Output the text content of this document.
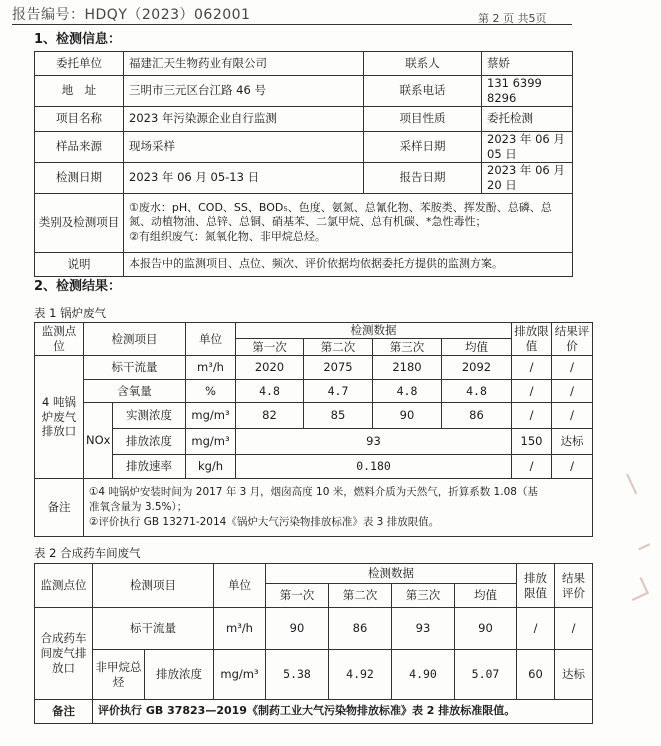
报告编号：HDQY（2023）062001	第 2 页 共5页
1、检测信息：
委托单位	福建汇天生物药业有限公司	联系人	蔡娇
地　址	三明市三元区台江路 46 号	联系电话	131 6399 8296
项目名称	2023 年污染源企业自行监测	项目性质	委托检测
样品来源	现场采样	采样日期	2023 年 06 月 05 日
检测日期	2023 年 06 月 05-13 日	报告日期	2023 年 06 月 20 日
类别及检测项目	①废水：pH、COD、SS、BOD₅、色度、氨氮、总氰化物、苯胺类、挥发酚、总磷、总
氮、动植物油、总锌、总铜、硝基苯、二氯甲烷、总有机碳、*急性毒性；
②有组织废气：氮氧化物、非甲烷总烃。		

说明	本报告中的监测项目、点位、频次、评价依据均依据委托方提供的监测方案。		
2、检测结果：
表 1 锅炉废气
监测点位	检测项目		单位	检测数据				排放限值	结果评价
				第一次	第二次	第三次	均值		
4 吨锅炉废气排放口	标干流量		m³/h	2020	2075	2180	2092	/	/
	含氧量		%	4.8	4.7	4.8	4.8	/	/
	NOx	实测浓度	mg/m³	82	85	90	86	/	/
		排放浓度	mg/m³	93				150	达标
		排放速率	kg/h	0.180				/	/
备注	①4 吨锅炉安装时间为 2017 年 3 月，烟囱高度 10 米，燃料介质为天然气，折算系数 1.08（基
准氧含量为 3.5%）；
②评价执行 GB 13271-2014《锅炉大气污染物排放标准》表 3 排放限值。								
表 2 合成药车间废气
监测点位	检测项目		单位	检测数据				排放限值	结果评价
				第一次	第二次	第三次	均值		
合成药车间废气排放口	标干流量		m³/h	90	86	93	90	/	/
	非甲烷总烃	排放浓度	mg/m³	5.38	4.92	4.90	5.07	60	达标
备注	评价执行 GB 37823—2019《制药工业大气污染物排放标准》表 2 排放标准限值。								
